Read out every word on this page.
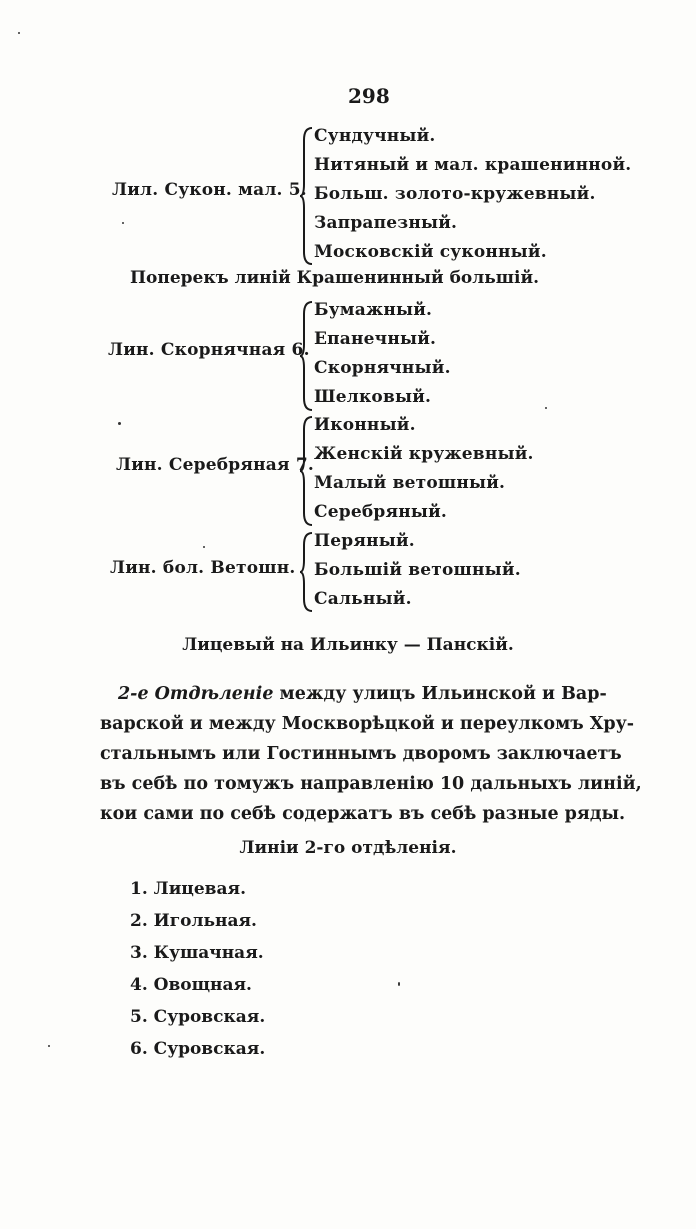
298
Лил. Сукон. мал. 5.
Сундучный.
Нитяный и мал. крашенинной.
Больш. золото-кружевный.
Запрапезный.
Московскій суконный.
Поперекъ линій Крашенинный большій.
Лин. Скорнячная 6.
Бумажный.
Епанечный.
Скорнячный.
Шелковый.
Лин. Серебряная 7.
Иконный.
Женскій кружевный.
Малый ветошный.
Серебряный.
Лин. бол. Ветошн.
Перяный.
Большій ветошный.
Сальный.
Лицевый на Ильинку — Панскій.
2-е Отдѣленіе между улицъ Ильинской и Вар-
варской и между Москворѣцкой и переулкомъ Хру-
стальнымъ или Гостиннымъ дворомъ заключаетъ
въ себѣ по томужъ направленію 10 дальныхъ линій,
кои сами по себѣ содержатъ въ себѣ разные ряды.
Линіи 2-го отдѣленія.
1. Лицевая.
2. Игольная.
3. Кушачная.
4. Овощная.
5. Суровская.
6. Суровская.
